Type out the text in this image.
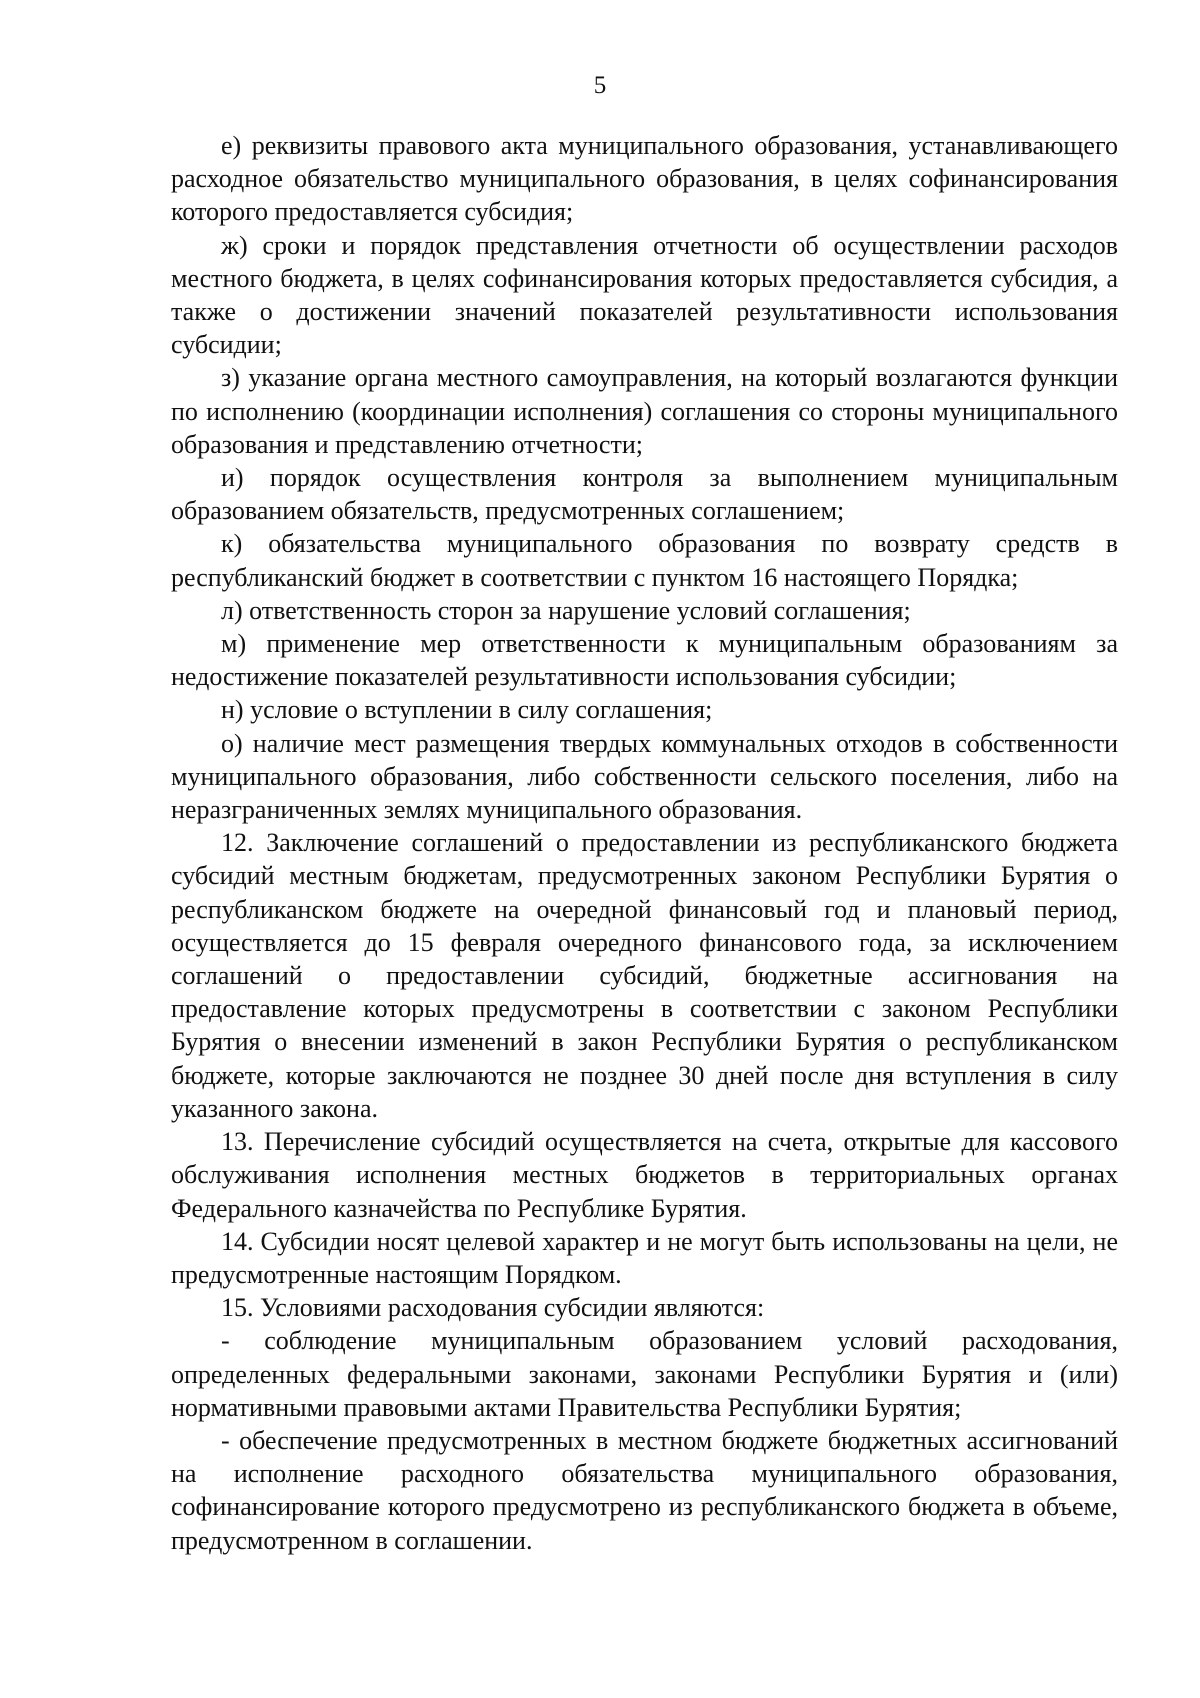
5

е) реквизиты правового акта муниципального образования, устанавливающего расходное обязательство муниципального образования, в целях софинансирования которого предоставляется субсидия;

ж) сроки и порядок представления отчетности об осуществлении расходов местного бюджета, в целях софинансирования которых предоставляется субсидия, а также о достижении значений показателей результативности использования субсидии;

з) указание органа местного самоуправления, на который возлагаются функции по исполнению (координации исполнения) соглашения со стороны муниципального образования и представлению отчетности;

и) порядок осуществления контроля за выполнением муниципальным образованием обязательств, предусмотренных соглашением;

к) обязательства муниципального образования по возврату средств в республиканский бюджет в соответствии с пунктом 16 настоящего Порядка;

л) ответственность сторон за нарушение условий соглашения;

м) применение мер ответственности к муниципальным образованиям за недостижение показателей результативности использования субсидии;

н) условие о вступлении в силу соглашения;

о) наличие мест размещения твердых коммунальных отходов в собственности муниципального образования, либо собственности сельского поселения, либо на неразграниченных землях муниципального образования.

12. Заключение соглашений о предоставлении из республиканского бюджета субсидий местным бюджетам, предусмотренных законом Республики Бурятия о республиканском бюджете на очередной финансовый год и плановый период, осуществляется до 15 февраля очередного финансового года, за исключением соглашений о предоставлении субсидий, бюджетные ассигнования на предоставление которых предусмотрены в соответствии с законом Республики Бурятия о внесении изменений в закон Республики Бурятия о республиканском бюджете, которые заключаются не позднее 30 дней после дня вступления в силу указанного закона.

13. Перечисление субсидий осуществляется на счета, открытые для кассового обслуживания исполнения местных бюджетов в территориальных органах Федерального казначейства по Республике Бурятия.

14. Субсидии носят целевой характер и не могут быть использованы на цели, не предусмотренные настоящим Порядком.

15. Условиями расходования субсидии являются:

- соблюдение муниципальным образованием условий расходования, определенных федеральными законами, законами Республики Бурятия и (или) нормативными правовыми актами Правительства Республики Бурятия;

- обеспечение предусмотренных в местном бюджете бюджетных ассигнований на исполнение расходного обязательства муниципального образования, софинансирование которого предусмотрено из республиканского бюджета в объеме, предусмотренном в соглашении.
